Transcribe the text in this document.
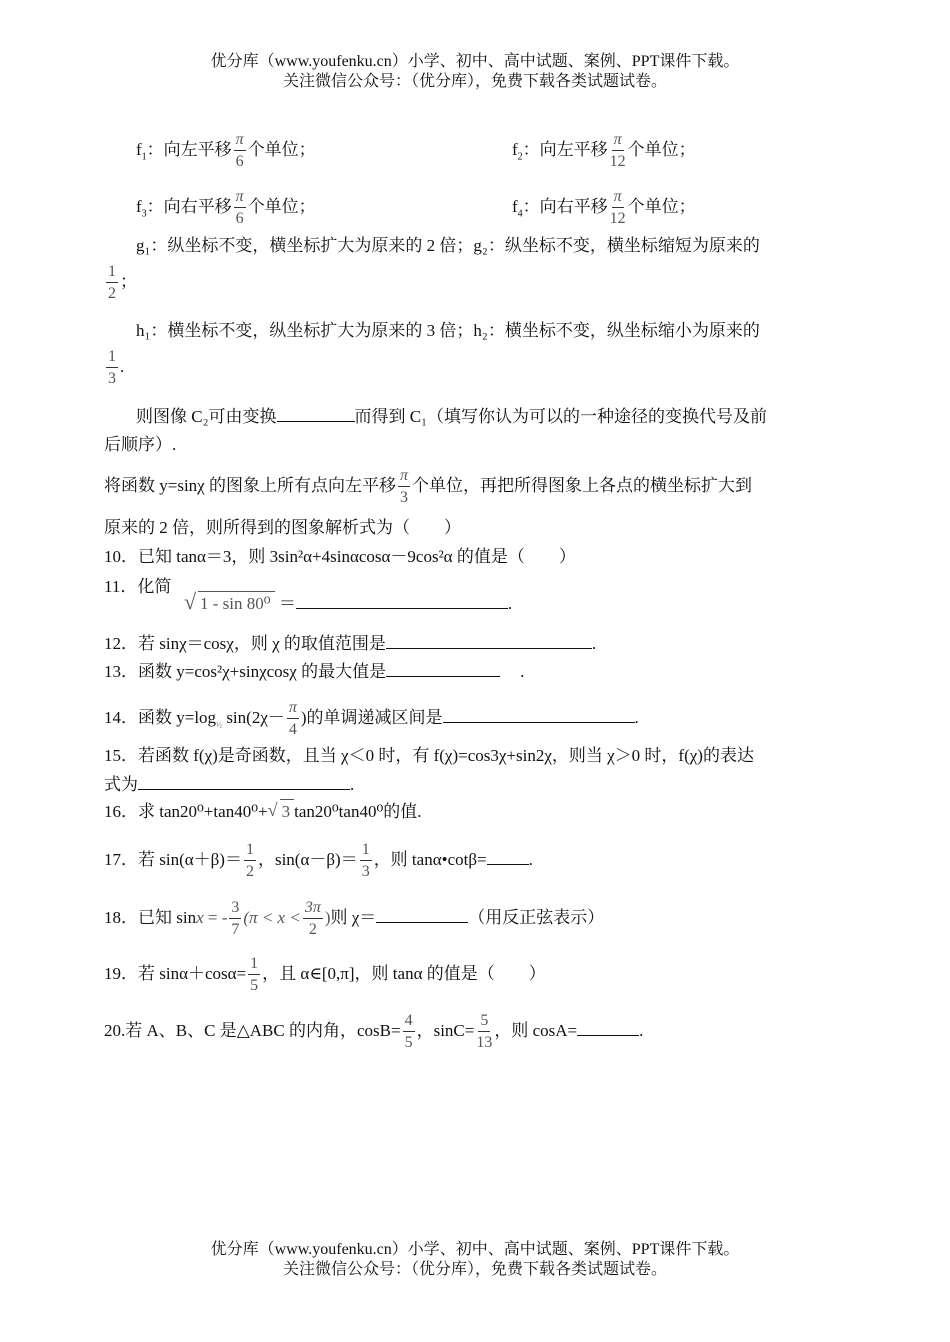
优分库（www.youfenku.cn）小学、初中、高中试题、案例、PPT课件下载。
关注微信公众号：（优分库），免费下载各类试题试卷。
$f_1$：向左平移 $\frac{\pi}{6}$ 个单位；	$f_2$：向左平移 $\frac{\pi}{12}$ 个单位；
$f_3$：向右平移 $\frac{\pi}{6}$ 个单位；	$f_4$：向右平移 $\frac{\pi}{12}$ 个单位；
g₁：纵坐标不变，横坐标扩大为原来的 2 倍；g₂：纵坐标不变，横坐标缩短为原来的
$\frac{1}{2}$ ；
h₁：横坐标不变，纵坐标扩大为原来的 3 倍；h₂：横坐标不变，纵坐标缩小为原来的
$\frac{1}{3}$ .
则图像 C₂可由变换	而得到 C₁（填写你认为可以的一种途径的变换代号及前
后顺序）.
将函数 y=sinχ 的图象上所有点向左平移 $\frac{\pi}{3}$ 个单位，再把所得图象上各点的横坐标扩大到
原来的 2 倍，则所得到的图象解析式为（　　）
10．已知 tanα＝3，则 3sin²α+4sinαcosα－9cos²α 的值是（　　）
11．化简
√ 1 - sin 80⁰ ＝	.
12．若 sinχ＝cosχ，则 χ 的取值范围是	.
13．函数 y=cos²χ+sinχcosχ 的最大值是	.
14．函数 $y=\log_{\frac{1}{2}}$ $\sin(2\chi- \frac{\pi}{4}$ )的单调递减区间是	.
15．若函数 f(χ)是奇函数，且当 χ＜0 时，有 f(χ)=cos3χ+sin2χ，则当 χ＞0 时，f(χ)的表达
式为	.
16．求 tan20⁰+tan40⁰+ √ 3 tan20⁰tan40⁰的值.
17．若 $\sin(\alpha+\beta)= \frac{1}{2}$ ，$\sin(\alpha-\beta)= \frac{1}{3}$ ，则 tanα•cotβ= .
18．已知 sinx = - $\frac{3}{7} (\pi < x < \frac{3\pi}{2}$ )则 χ＝	（用反正弦表示）
19．若 $\sin\alpha+\cos\alpha= \frac{1}{5}$ ，且 α∈[0,π]，则 tanα 的值是（　　）
20.若 A、B、C 是△ABC 的内角，$\cos B= \frac{4}{5}$ ，$\sin C= \frac{5}{13}$ ，则 cosA=	.
优分库（www.youfenku.cn）小学、初中、高中试题、案例、PPT课件下载。
关注微信公众号：（优分库），免费下载各类试题试卷。
